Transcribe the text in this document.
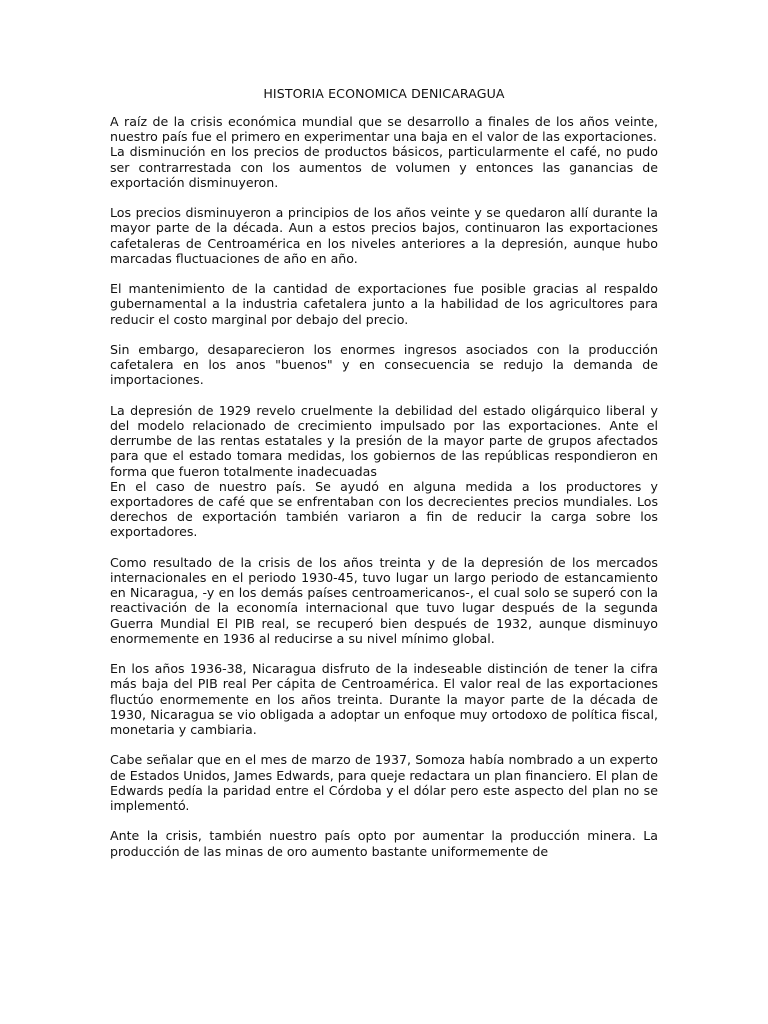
HISTORIA ECONOMICA DENICARAGUA

A raíz de la crisis económica mundial que se desarrollo a finales de los años veinte, nuestro país fue el primero en experimentar una baja en el valor de las exportaciones.

La disminución en los precios de productos básicos, particularmente el café, no pudo ser contrarrestada con los aumentos de volumen y entonces las ganancias de exportación disminuyeron.

Los precios disminuyeron a principios de los años veinte y se quedaron allí durante la mayor parte de la década. Aun a estos precios bajos, continuaron las exportaciones cafetaleras de Centroamérica en los niveles anteriores a la depresión, aunque hubo marcadas fluctuaciones de año en año.

El mantenimiento de la cantidad de exportaciones fue posible gracias al respaldo gubernamental a la industria cafetalera junto a la habilidad de los agricultores para reducir el costo marginal por debajo del precio.

Sin embargo, desaparecieron los enormes ingresos asociados con la producción cafetalera en los anos "buenos" y en consecuencia se redujo la demanda de importaciones.

La depresión de 1929 revelo cruelmente la debilidad del estado oligárquico liberal y del modelo relacionado de crecimiento impulsado por las exportaciones. Ante el derrumbe de las rentas estatales y la presión de la mayor parte de grupos afectados para que el estado tomara medidas, los gobiernos de las repúblicas respondieron en forma que fueron totalmente inadecuadas

En el caso de nuestro país. Se ayudó en alguna medida a los productores y exportadores de café que se enfrentaban con los decrecientes precios mundiales. Los derechos de exportación también variaron a fin de reducir la carga sobre los exportadores.

Como resultado de la crisis de los años treinta y de la depresión de los mercados internacionales en el periodo 1930-45, tuvo lugar un largo periodo de estancamiento en Nicaragua, -y en los demás países centroamericanos-, el cual solo se superó con la reactivación de la economía internacional que tuvo lugar después de la segunda Guerra Mundial El PIB real, se recuperó bien después de 1932, aunque disminuyo enormemente en 1936 al reducirse a su nivel mínimo global.

En los años 1936-38, Nicaragua disfruto de la indeseable distinción de tener la cifra más baja del PIB real Per cápita de Centroamérica. El valor real de las exportaciones fluctúo enormemente en los años treinta. Durante la mayor parte de la década de 1930, Nicaragua se vio obligada a adoptar un enfoque muy ortodoxo de política fiscal, monetaria y cambiaria.

Cabe señalar que en el mes de marzo de 1937, Somoza había nombrado a un experto de Estados Unidos, James Edwards, para queje redactara un plan financiero. El plan de Edwards pedía la paridad entre el Córdoba y el dólar pero este aspecto del plan no se implementó.

Ante la crisis, también nuestro país opto por aumentar la producción minera. La producción de las minas de oro aumento bastante uniformemente de
